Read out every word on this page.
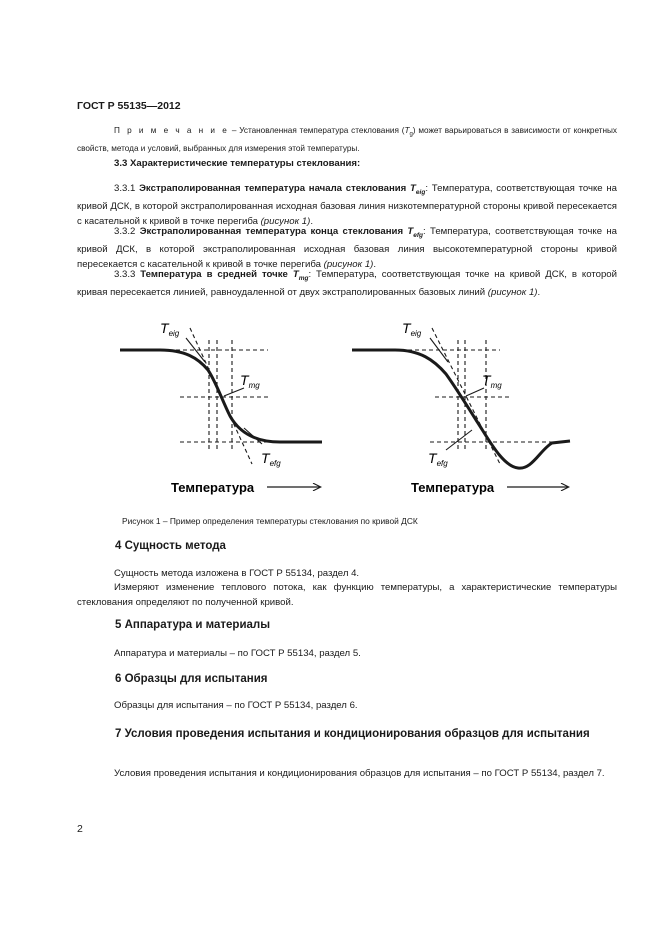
ГОСТ Р 55135—2012
П р и м е ч а н и е – Установленная температура стеклования $(T_g)$ может варьироваться в зависимости от конкретных свойств, метода и условий, выбранных для измерения этой температуры.
3.3 Характеристические температуры стеклования:
3.3.1 Экстраполированная температура начала стеклования $T_{eig}$: Температура, соответствующая точке на кривой ДСК, в которой экстраполированная исходная базовая линия низкотемпературной стороны кривой пересекается с касательной к кривой в точке перегиба (рисунок 1).
3.3.2 Экстраполированная температура конца стеклования $T_{efg}$: Температура, соответствующая точке на кривой ДСК, в которой экстраполированная исходная базовая линия высокотемпературной стороны кривой пересекается с касательной к кривой в точке перегиба (рисунок 1).
3.3.3 Температура в средней точке $T_{mg}$: Температура, соответствующая точке на кривой ДСК, в которой кривая пересекается линией, равноудаленной от двух экстраполированных базовых линий (рисунок 1).
$T_{eig}$
$T_{mg}$
$T_{efg}$
Температура
$T_{eig}$
$T_{mg}$
$T_{efg}$
Температура
Рисунок 1 – Пример определения температуры стеклования по кривой ДСК
4 Сущность метода
Сущность метода изложена в ГОСТ Р 55134, раздел 4.
Измеряют изменение теплового потока, как функцию температуры, а характеристические температуры стеклования определяют по полученной кривой.
5 Аппаратура и материалы
Аппаратура и материалы – по ГОСТ Р 55134, раздел 5.
6 Образцы для испытания
Образцы для испытания – по ГОСТ Р 55134, раздел 6.
7 Условия проведения испытания и кондиционирования образцов для испытания
Условия проведения испытания и кондиционирования образцов для испытания – по ГОСТ Р 55134, раздел 7.
2
